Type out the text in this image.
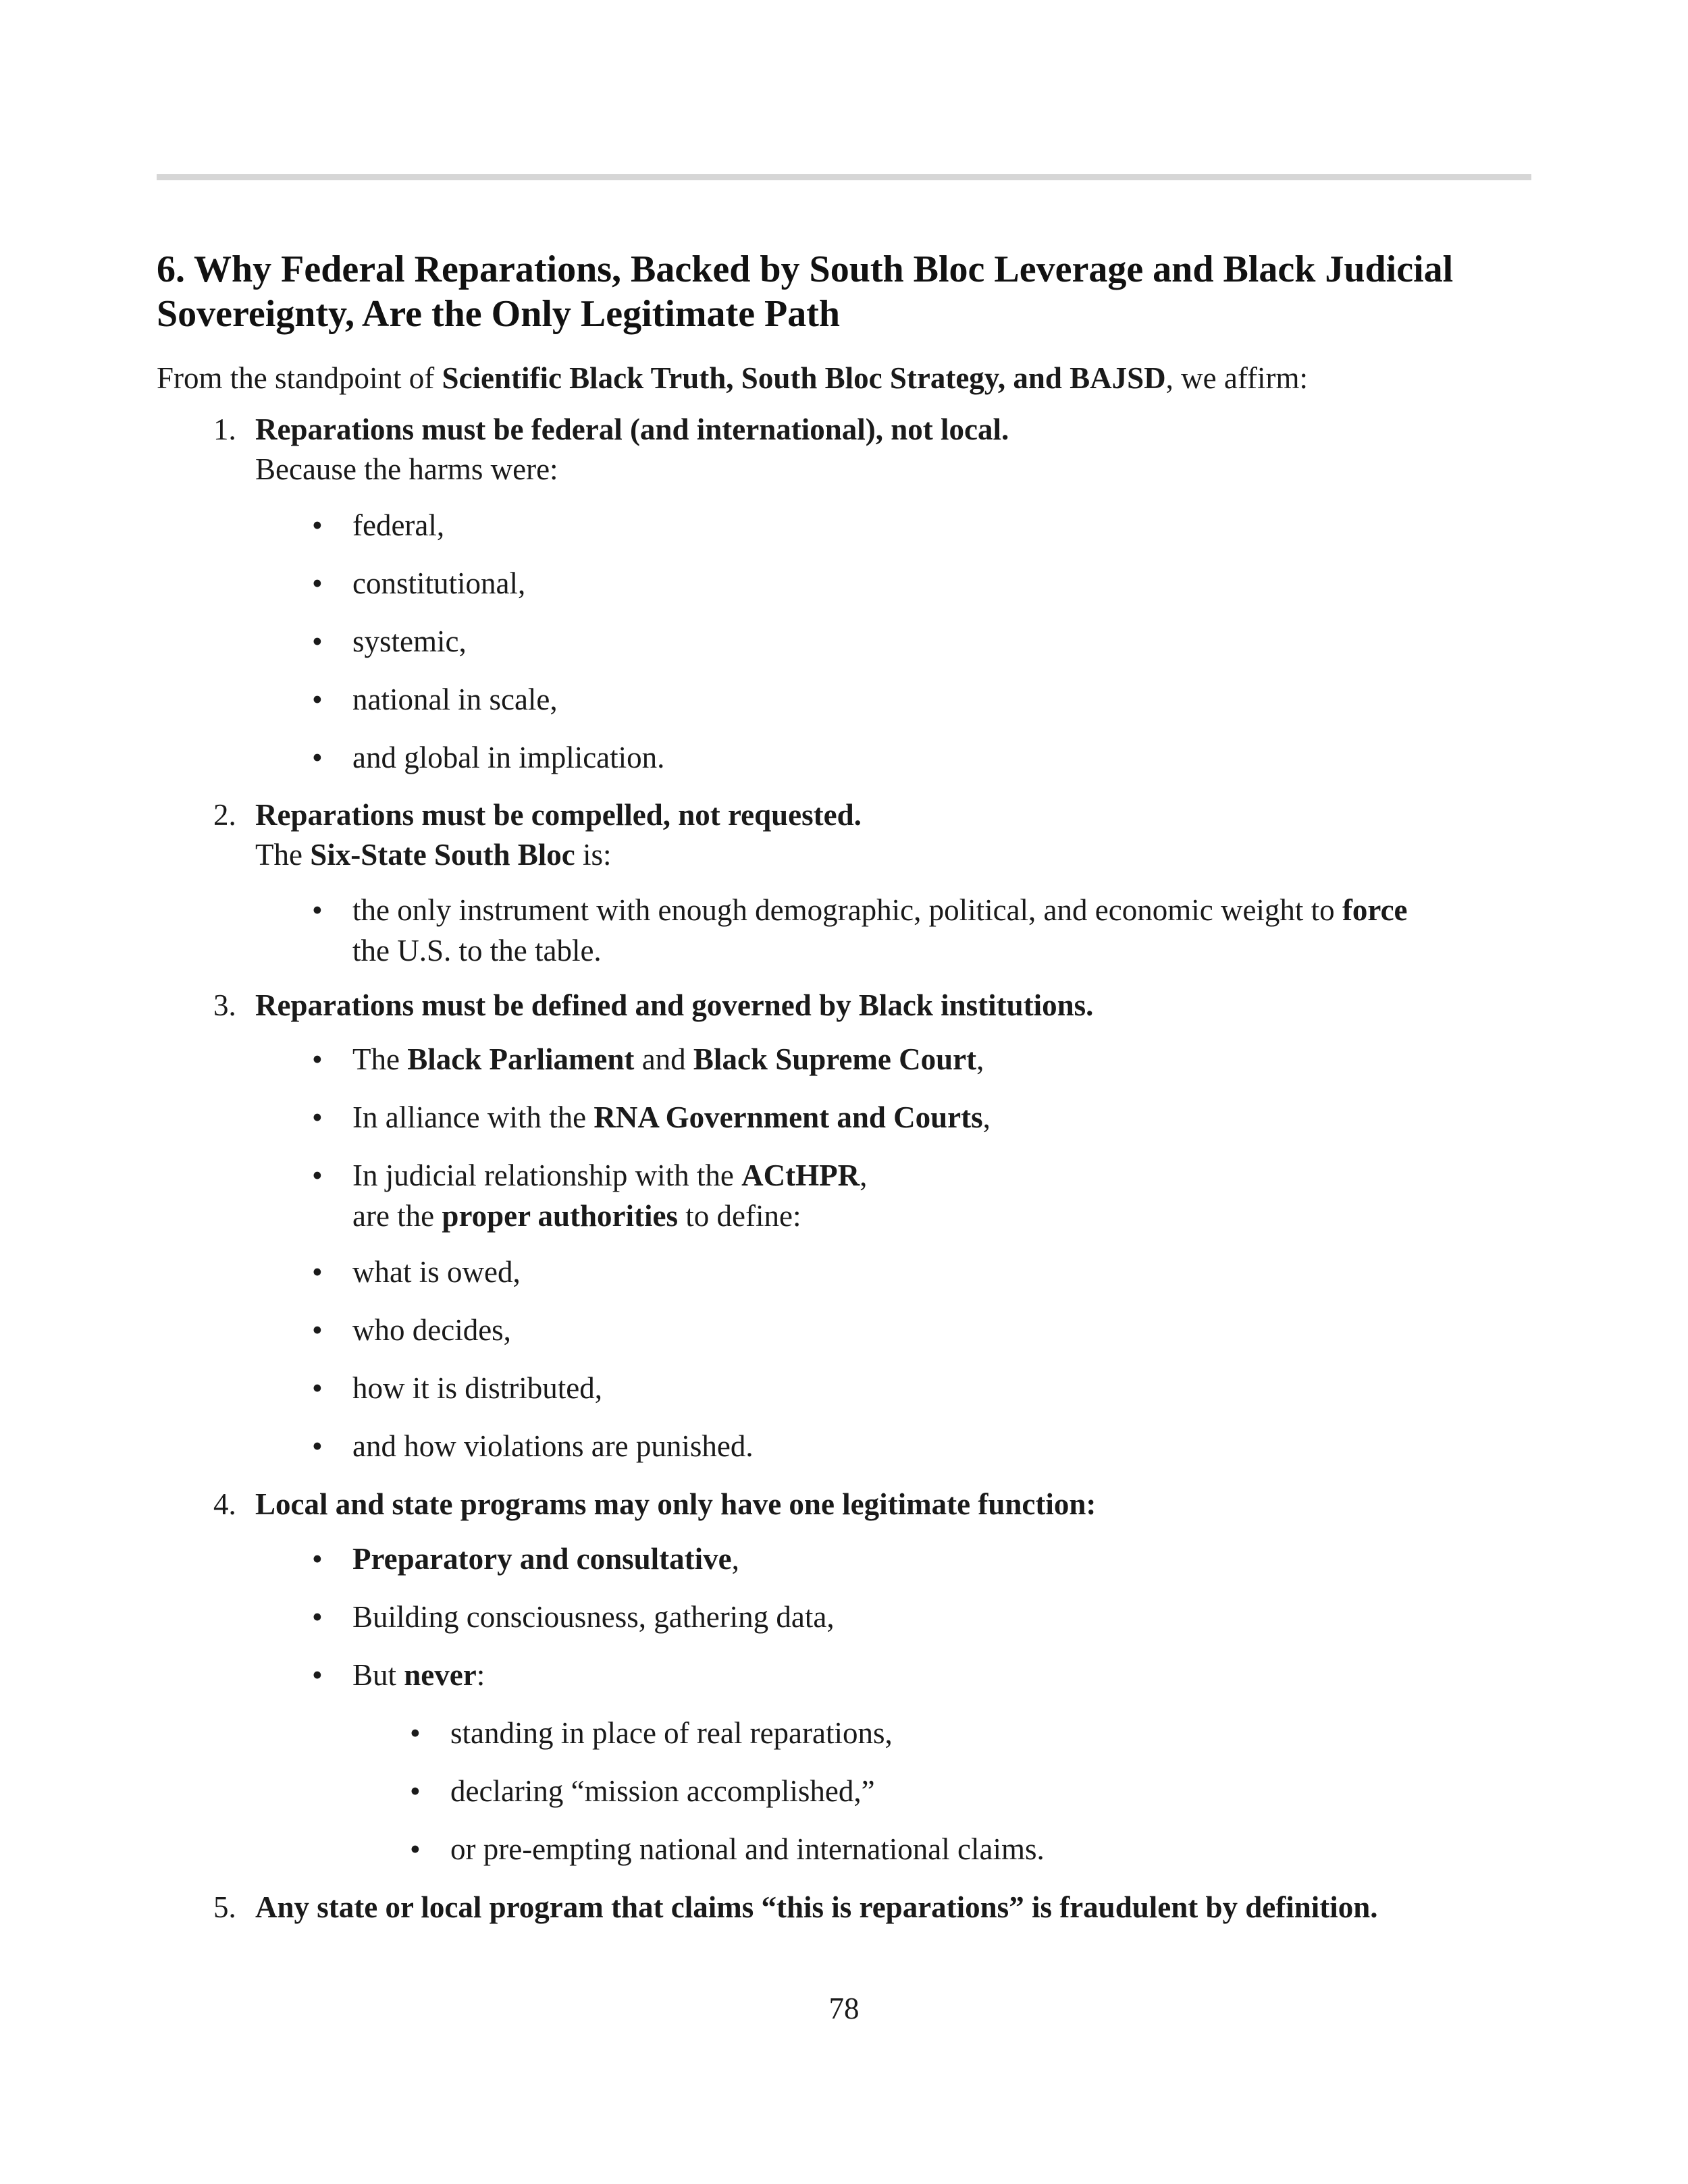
6. Why Federal Reparations, Backed by South Bloc Leverage and Black Judicial Sovereignty, Are the Only Legitimate Path

From the standpoint of Scientific Black Truth, South Bloc Strategy, and BAJSD, we affirm:

1. Reparations must be federal (and international), not local.
Because the harms were:
• federal,
• constitutional,
• systemic,
• national in scale,
• and global in implication.
2. Reparations must be compelled, not requested.
The Six-State South Bloc is:
• the only instrument with enough demographic, political, and economic weight to force
the U.S. to the table.
3. Reparations must be defined and governed by Black institutions.
• The Black Parliament and Black Supreme Court,
• In alliance with the RNA Government and Courts,
• In judicial relationship with the ACtHPR,
are the proper authorities to define:
• what is owed,
• who decides,
• how it is distributed,
• and how violations are punished.
4. Local and state programs may only have one legitimate function:
• Preparatory and consultative,
• Building consciousness, gathering data,
• But never:
• standing in place of real reparations,
• declaring “mission accomplished,”
• or pre-empting national and international claims.
5. Any state or local program that claims “this is reparations” is fraudulent by definition.
78
